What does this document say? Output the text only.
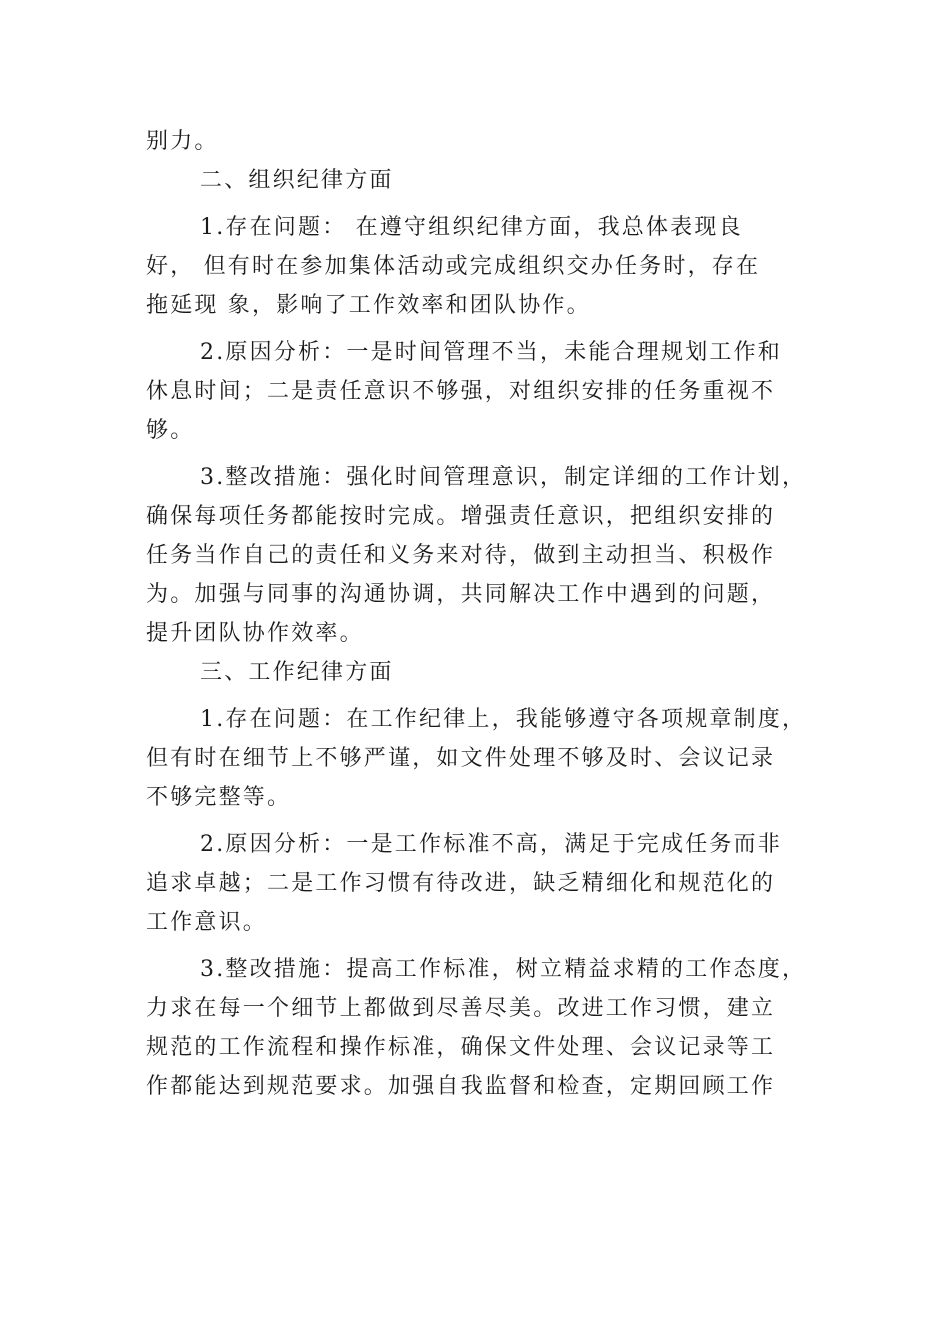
别力。
二、组织纪律方面
1.存在问题： 在遵守组织纪律方面，我总体表现良
好， 但有时在参加集体活动或完成组织交办任务时，存在
拖延现 象，影响了工作效率和团队协作。
2.原因分析：一是时间管理不当，未能合理规划工作和
休息时间；二是责任意识不够强，对组织安排的任务重视不
够。
3.整改措施：强化时间管理意识，制定详细的工作计划，
确保每项任务都能按时完成。增强责任意识，把组织安排的
任务当作自己的责任和义务来对待，做到主动担当、积极作
为。加强与同事的沟通协调，共同解决工作中遇到的问题，
提升团队协作效率。
三、工作纪律方面
1.存在问题：在工作纪律上，我能够遵守各项规章制度，
但有时在细节上不够严谨，如文件处理不够及时、会议记录
不够完整等。
2.原因分析：一是工作标准不高，满足于完成任务而非
追求卓越；二是工作习惯有待改进，缺乏精细化和规范化的
工作意识。
3.整改措施：提高工作标准，树立精益求精的工作态度，
力求在每一个细节上都做到尽善尽美。改进工作习惯，建立
规范的工作流程和操作标准，确保文件处理、会议记录等工
作都能达到规范要求。加强自我监督和检查，定期回顾工作
